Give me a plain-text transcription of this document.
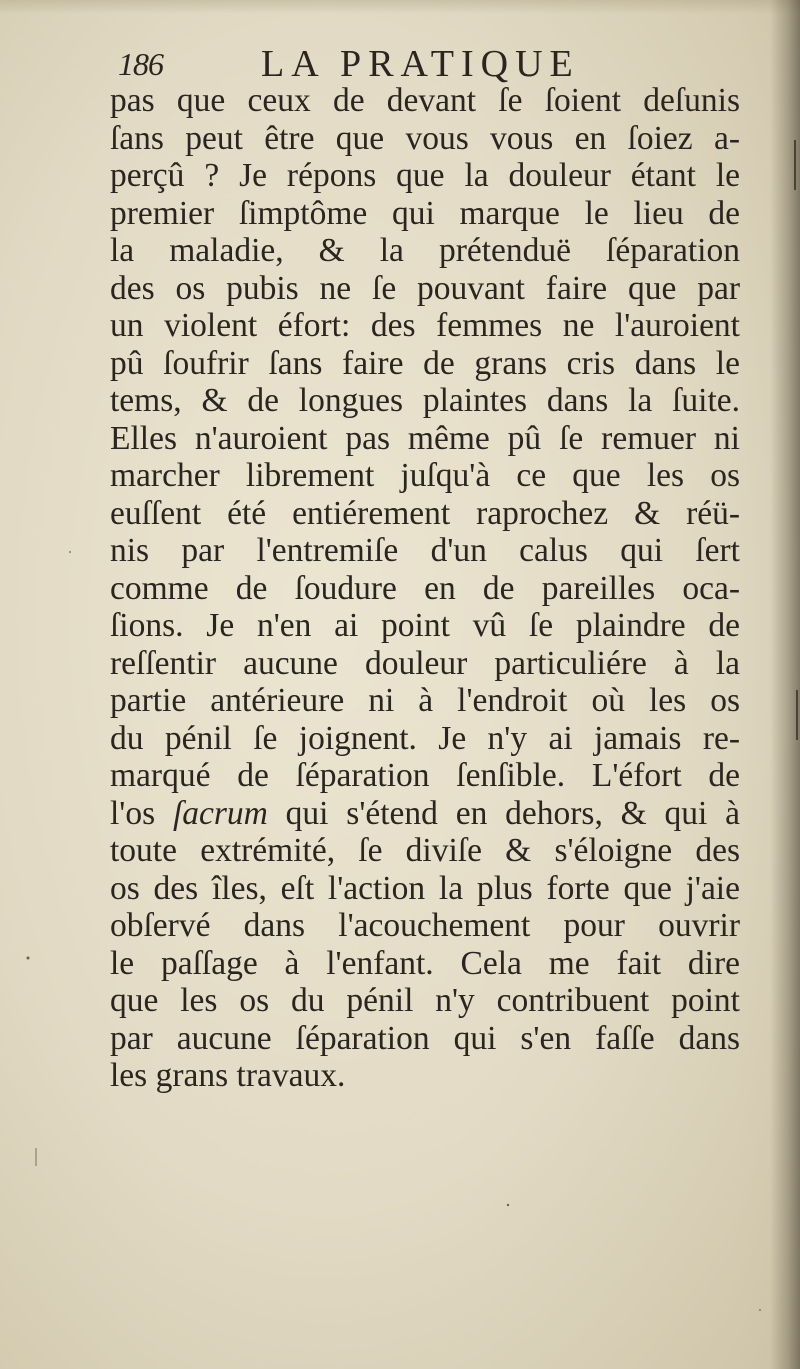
186	LA PRATIQUE
pas que ceux de devant ſe ſoient deſunis
ſans peut être que vous vous en ſoiez a-
perçû ? Je répons que la douleur étant le
premier ſimptôme qui marque le lieu de
la maladie, & la prétenduë ſéparation
des os pubis ne ſe pouvant faire que par
un violent éfort: des femmes ne l'auroient
pû ſoufrir ſans faire de grans cris dans le
tems, & de longues plaintes dans la ſuite.
Elles n'auroient pas même pû ſe remuer ni
marcher librement juſqu'à ce que les os
euſſent été entiérement raprochez & réü-
nis par l'entremiſe d'un calus qui ſert
comme de ſoudure en de pareilles oca-
ſions. Je n'en ai point vû ſe plaindre de
reſſentir aucune douleur particuliére à la
partie antérieure ni à l'endroit où les os
du pénil ſe joignent. Je n'y ai jamais re-
marqué de ſéparation ſenſible. L'éfort de
l'os ſacrum qui s'étend en dehors, & qui à
toute extrémité, ſe diviſe & s'éloigne des
os des îles, eſt l'action la plus forte que j'aie
obſervé dans l'acouchement pour ouvrir
le paſſage à l'enfant. Cela me fait dire
que les os du pénil n'y contribuent point
par aucune ſéparation qui s'en faſſe dans
les grans travaux.
